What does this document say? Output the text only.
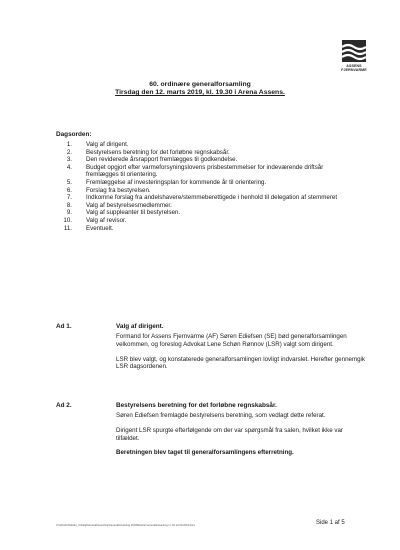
ASSENS
FJERNVARME
60. ordinære generalforsamling
Tirsdag den 12. marts 2019, kl. 19.30 i Arena Assens.
Dagsorden:
1. Valg af dirigent.
2. Bestyrelsens beretning for det forløbne regnskabsår.
3. Den reviderede årsrapport fremlægges til godkendelse.
4. Budget opgjort efter varmeforsyningslovens prisbestemmelser for indeværende driftsår fremlægges til orientering.
5. Fremlæggelse af investeringsplan for kommende år til orientering.
6. Forslag fra bestyrelsen.
7. Indkomne forslag fra andelshavere/stemmeberettigede i henhold til delegation af stemmeret
8. Valg af bestyrelsesmedlemmer.
9. Valg af suppleanter til bestyrelsen.
10. Valg af revisor.
11. Eventuelt.
Ad 1.	Valg af dirigent.
Formand for Assens Fjernvarme (AF) Søren Ediefsen (SE) bød generalforsamlingen velkommen, og foreslog Advokat Lene Schøn Rønnov (LSR) valgt som dirigent.
LSR blev valgt, og konstaterede generalforsamlingen lovligt indvarslet. Herefter gennemgik LSR dagsordenen.
Ad 2.	Bestyrelsens beretning for det forløbne regnskabsår.
Søren Ediefsen fremlagde bestyrelsens beretning, som vedlagt dette referat.
Dirigent LSR spurgte efterfølgende om der var spørgsmål fra salen, hvilket ikke var tilfældet.
Beretningen blev taget til generalforsamlingens efterretning.
X:\AF\Adm\Møder_Udvalg\Generalforsamling\Generalforsamling 2019\Referat Generalforsamling nr. 60 12-03-2019.docx	Side 1 af 5
